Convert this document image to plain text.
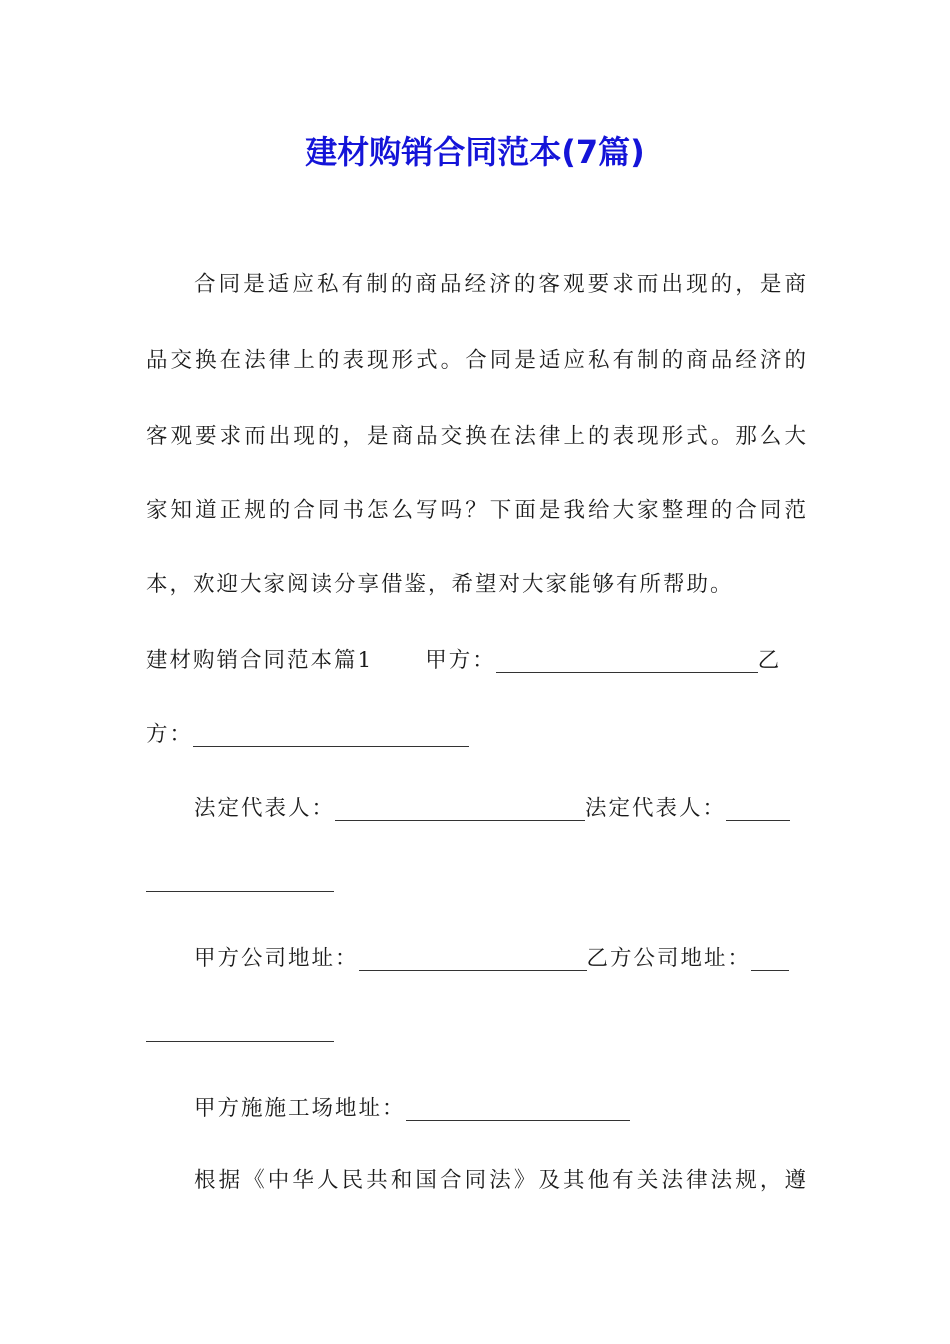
建材购销合同范本(7篇)
合同是适应私有制的商品经济的客观要求而出现的，是商
品交换在法律上的表现形式。合同是适应私有制的商品经济的
客观要求而出现的，是商品交换在法律上的表现形式。那么大
家知道正规的合同书怎么写吗？下面是我给大家整理的合同范
本，欢迎大家阅读分享借鉴，希望对大家能够有所帮助。
建材购销合同范本篇1 甲方：	乙
方：
法定代表人：	法定代表人：
甲方公司地址：	乙方公司地址：
甲方施施工场地址：
根据《中华人民共和国合同法》及其他有关法律法规，遵
